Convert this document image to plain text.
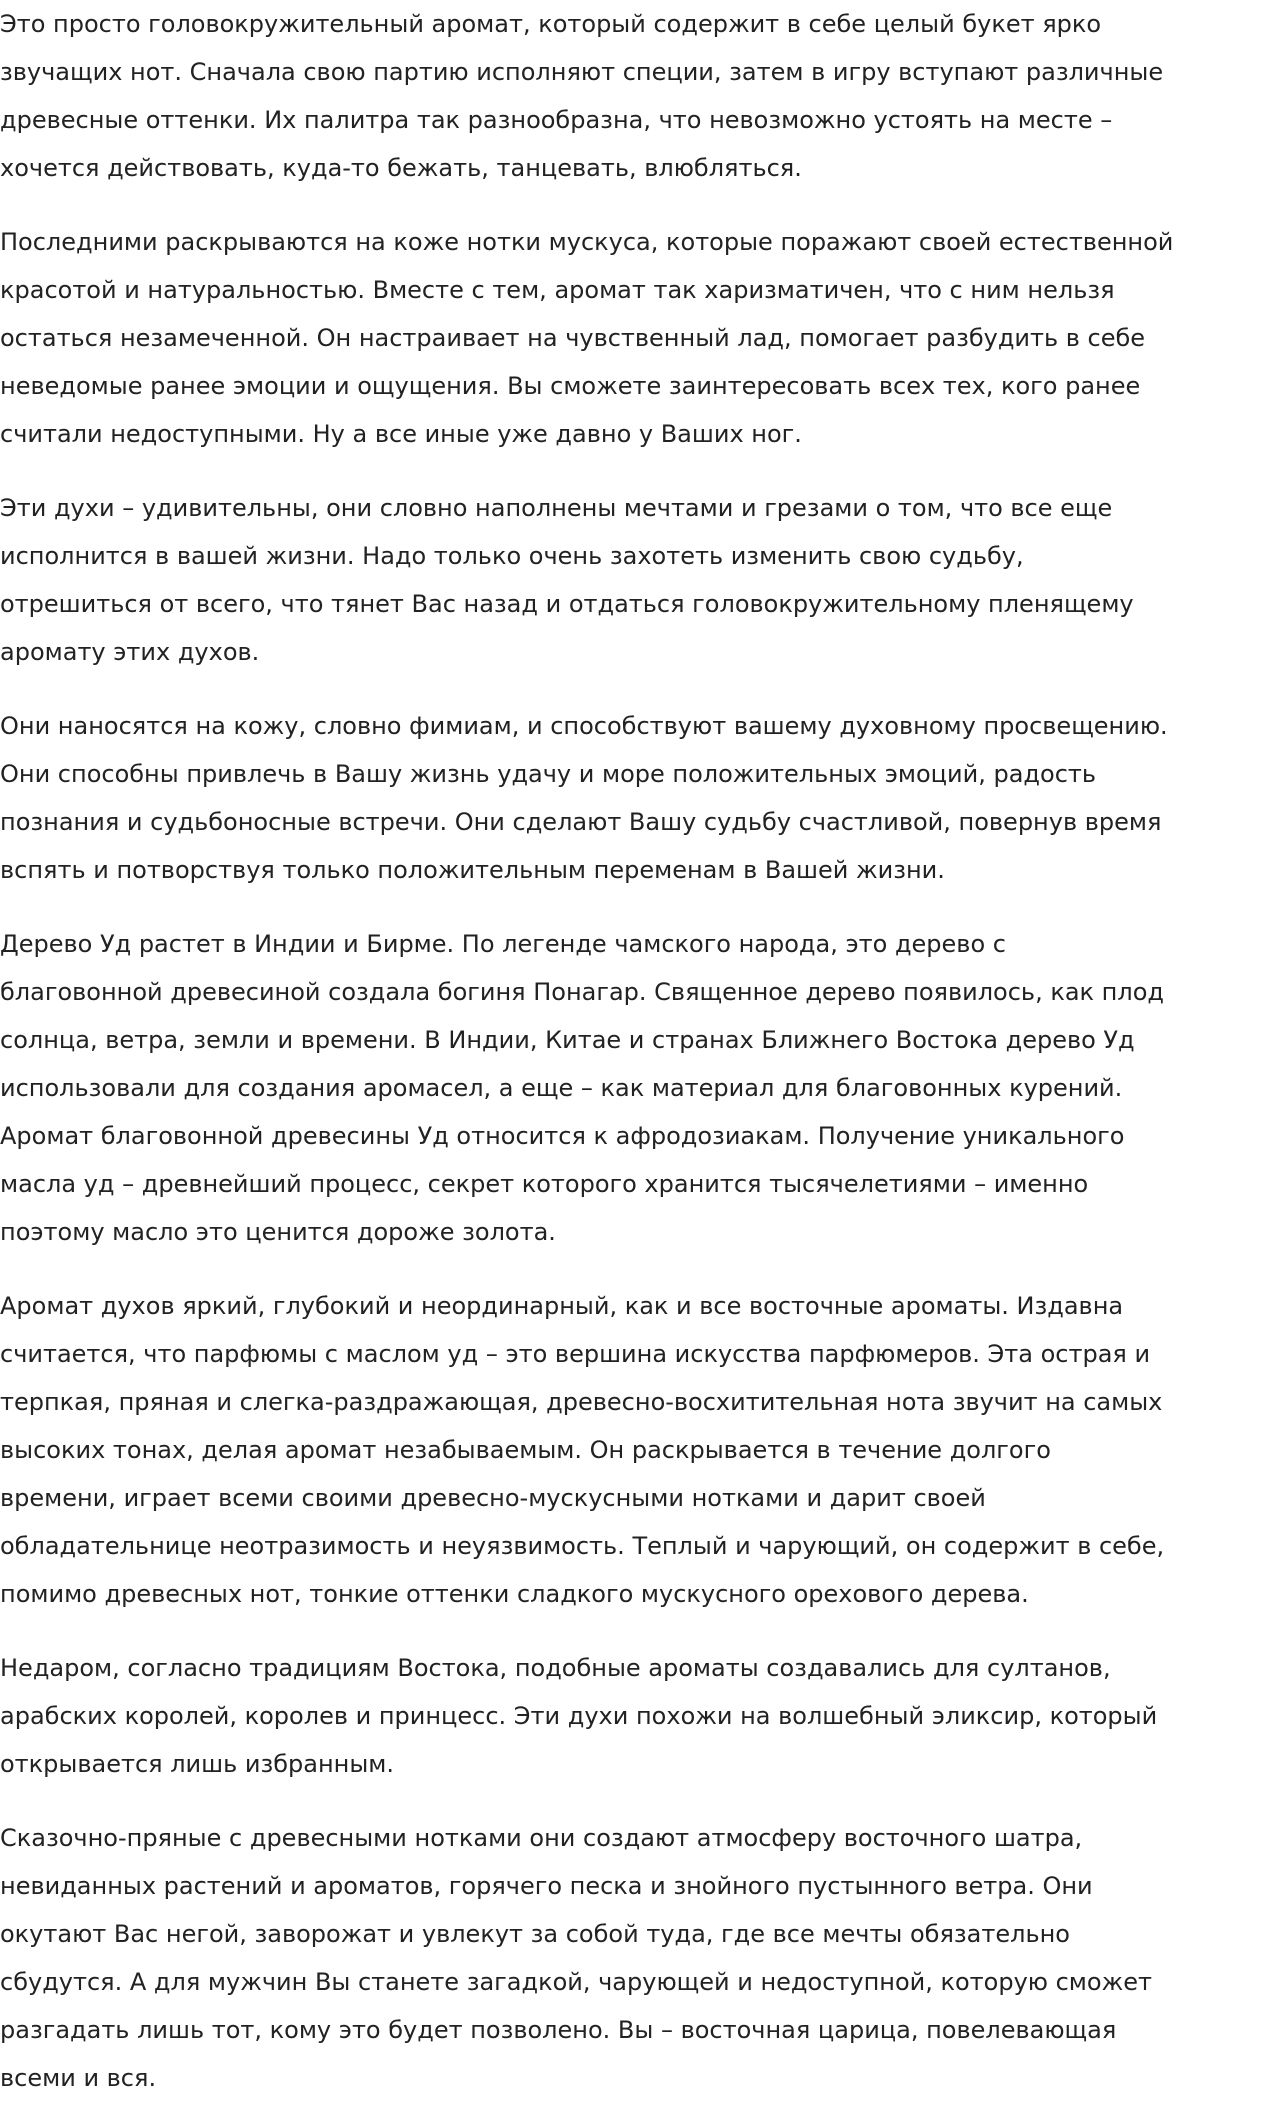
Это просто головокружительный аромат, который содержит в себе целый букет ярко
звучащих нот. Сначала свою партию исполняют специи, затем в игру вступают различные
древесные оттенки. Их палитра так разнообразна, что невозможно устоять на месте –
хочется действовать, куда-то бежать, танцевать, влюбляться.

Последними раскрываются на коже нотки мускуса, которые поражают своей естественной
красотой и натуральностью. Вместе с тем, аромат так харизматичен, что с ним нельзя
остаться незамеченной. Он настраивает на чувственный лад, помогает разбудить в себе
неведомые ранее эмоции и ощущения. Вы сможете заинтересовать всех тех, кого ранее
считали недоступными. Ну а все иные уже давно у Ваших ног.

Эти духи – удивительны, они словно наполнены мечтами и грезами о том, что все еще
исполнится в вашей жизни. Надо только очень захотеть изменить свою судьбу,
отрешиться от всего, что тянет Вас назад и отдаться головокружительному пленящему
аромату этих духов.

Они наносятся на кожу, словно фимиам, и способствуют вашему духовному просвещению.
Они способны привлечь в Вашу жизнь удачу и море положительных эмоций, радость
познания и судьбоносные встречи. Они сделают Вашу судьбу счастливой, повернув время
вспять и потворствуя только положительным переменам в Вашей жизни.

Дерево Уд растет в Индии и Бирме. По легенде чамского народа, это дерево с
благовонной древесиной создала богиня Понагар. Священное дерево появилось, как плод
солнца, ветра, земли и времени. В Индии, Китае и странах Ближнего Востока дерево Уд
использовали для создания аромасел, а еще – как материал для благовонных курений.
Аромат благовонной древесины Уд относится к афродозиакам. Получение уникального
масла уд – древнейший процесс, секрет которого хранится тысячелетиями – именно
поэтому масло это ценится дороже золота.

Аромат духов яркий, глубокий и неординарный, как и все восточные ароматы. Издавна
считается, что парфюмы с маслом уд – это вершина искусства парфюмеров. Эта острая и
терпкая, пряная и слегка-раздражающая, древесно-восхитительная нота звучит на самых
высоких тонах, делая аромат незабываемым. Он раскрывается в течение долгого
времени, играет всеми своими древесно-мускусными нотками и дарит своей
обладательнице неотразимость и неуязвимость. Теплый и чарующий, он содержит в себе,
помимо древесных нот, тонкие оттенки сладкого мускусного орехового дерева.

Недаром, согласно традициям Востока, подобные ароматы создавались для султанов,
арабских королей, королев и принцесс. Эти духи похожи на волшебный эликсир, который
открывается лишь избранным.

Сказочно-пряные с древесными нотками они создают атмосферу восточного шатра,
невиданных растений и ароматов, горячего песка и знойного пустынного ветра. Они
окутают Вас негой, заворожат и увлекут за собой туда, где все мечты обязательно
сбудутся. А для мужчин Вы станете загадкой, чарующей и недоступной, которую сможет
разгадать лишь тот, кому это будет позволено. Вы – восточная царица, повелевающая
всеми и вся.
